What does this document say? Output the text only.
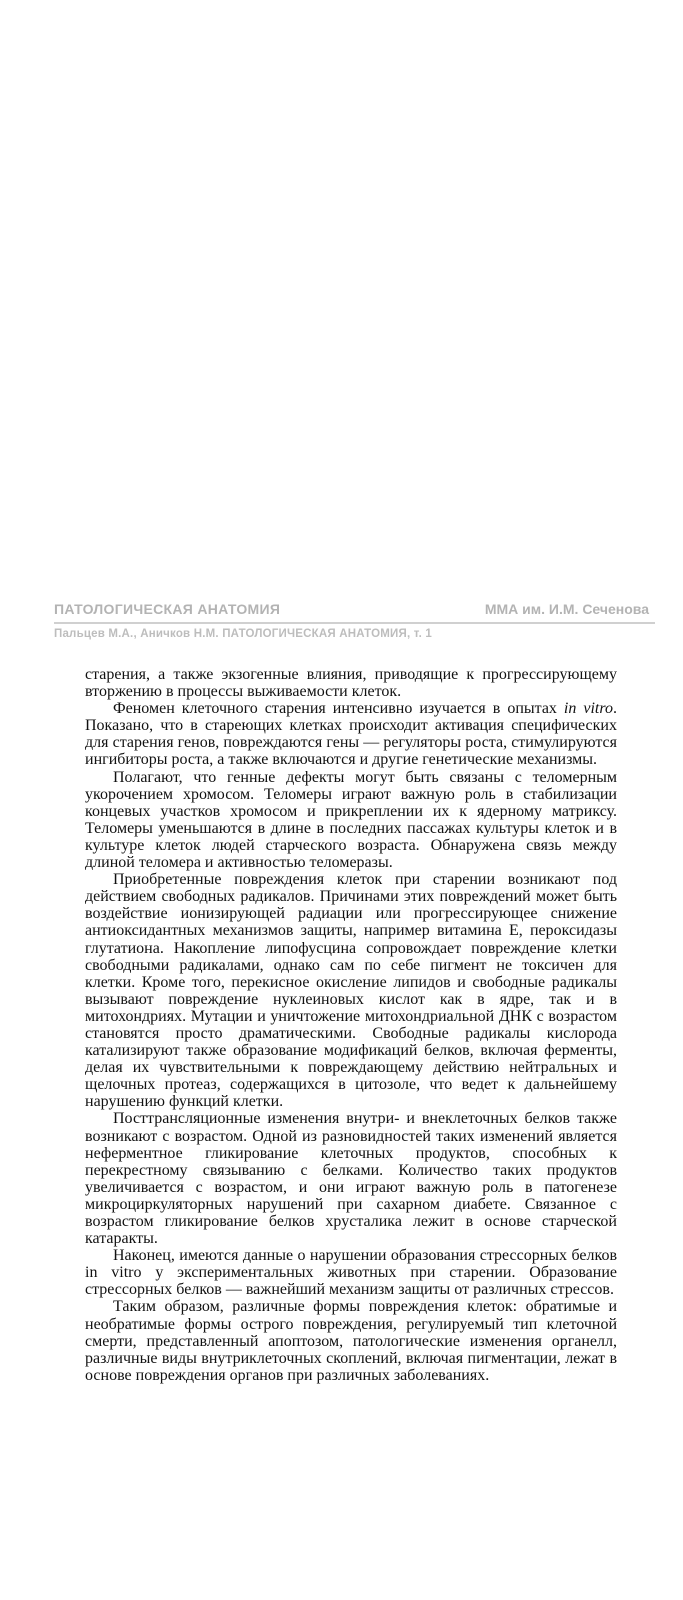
ПАТОЛОГИЧЕСКАЯ АНАТОМИЯ	ММА им. И.М. Сеченова
Пальцев М.А., Аничков Н.М. ПАТОЛОГИЧЕСКАЯ АНАТОМИЯ, т. 1

старения, а также экзогенные влияния, приводящие к прогрессирующему вторжению в процессы выживаемости клеток.

Феномен клеточного старения интенсивно изучается в опытах in vitro. Показано, что в стареющих клетках происходит активация специфических для старения генов, повреждаются гены — регуляторы роста, стимулируются ингибиторы роста, а также включаются и другие генетические механизмы.

Полагают, что генные дефекты могут быть связаны с теломерным укорочением хромосом. Теломеры играют важную роль в стабилизации концевых участков хромосом и прикреплении их к ядерному матриксу. Теломеры уменьшаются в длине в последних пассажах культуры клеток и в культуре клеток людей старческого возраста. Обнаружена связь между длиной теломера и активностью теломеразы.

Приобретенные повреждения клеток при старении возникают под действием свободных радикалов. Причинами этих повреждений может быть воздействие ионизирующей радиации или прогрессирующее снижение антиоксидантных механизмов защиты, например витамина Е, пероксидазы глутатиона. Накопление липофусцина сопровождает повреждение клетки свободными радикалами, однако сам по себе пигмент не токсичен для клетки. Кроме того, перекисное окисление липидов и свободные радикалы вызывают повреждение нуклеиновых кислот как в ядре, так и в митохондриях. Мутации и уничтожение митохондриальной ДНК с возрастом становятся просто драматическими. Свободные радикалы кислорода катализируют также образование модификаций белков, включая ферменты, делая их чувствительными к повреждающему действию нейтральных и щелочных протеаз, содержащихся в цитозоле, что ведет к дальнейшему нарушению функций клетки.

Посттрансляционные изменения внутри- и внеклеточных белков также возникают с возрастом. Одной из разновидностей таких изменений является неферментное гликирование клеточных продуктов, способных к перекрестному связыванию с белками. Количество таких продуктов увеличивается с возрастом, и они играют важную роль в патогенезе микроциркуляторных нарушений при сахарном диабете. Связанное с возрастом гликирование белков хрусталика лежит в основе старческой катаракты.

Наконец, имеются данные о нарушении образования стрессорных белков in vitro у экспериментальных животных при старении. Образование стрессорных белков — важнейший механизм защиты от различных стрессов.

Таким образом, различные формы повреждения клеток: обратимые и необратимые формы острого повреждения, регулируемый тип клеточной смерти, представленный апоптозом, патологические изменения органелл, различные виды внутриклеточных скоплений, включая пигментации, лежат в основе повреждения органов при различных заболеваниях.
